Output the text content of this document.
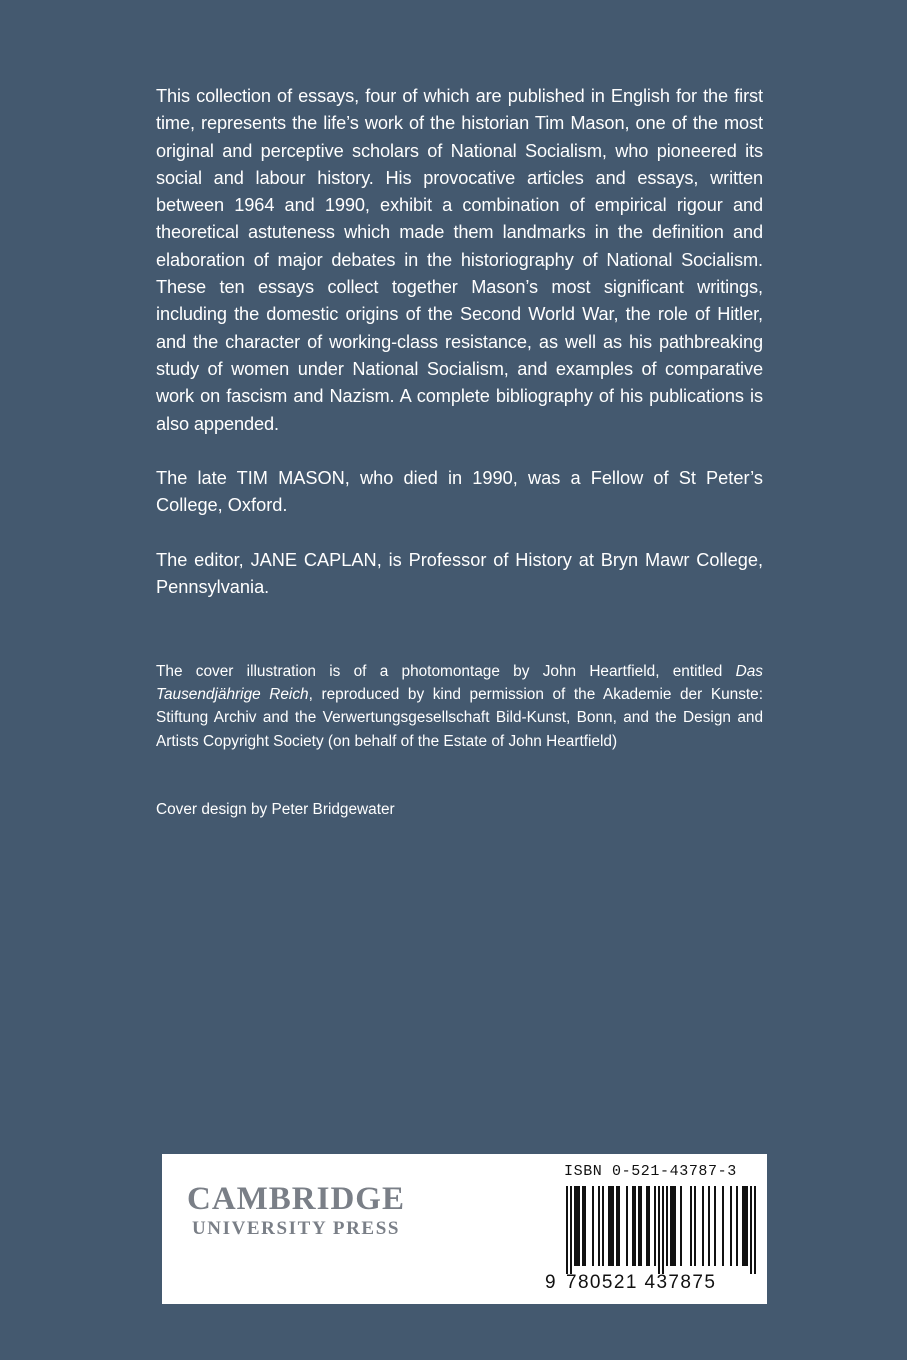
This collection of essays, four of which are published in English for the first time, represents the life’s work of the historian Tim Mason, one of the most original and perceptive scholars of National Socialism, who pioneered its social and labour history. His provocative articles and essays, written between 1964 and 1990, exhibit a combination of empirical rigour and theoretical astuteness which made them landmarks in the definition and elaboration of major debates in the historiography of National Socialism. These ten essays collect together Mason’s most significant writings, including the domestic origins of the Second World War, the role of Hitler, and the character of working-class resistance, as well as his pathbreaking study of women under National Socialism, and examples of comparative work on fascism and Nazism. A complete bibliography of his publications is also appended.

The late TIM MASON, who died in 1990, was a Fellow of St Peter’s College, Oxford.

The editor, JANE CAPLAN, is Professor of History at Bryn Mawr College, Pennsylvania.

The cover illustration is of a photomontage by John Heartfield, entitled Das Tausendjährige Reich, reproduced by kind permission of the Akademie der Kunste: Stiftung Archiv and the Verwertungsgesellschaft Bild-Kunst, Bonn, and the Design and Artists Copyright Society (on behalf of the Estate of John Heartfield)

Cover design by Peter Bridgewater

CAMBRIDGE
UNIVERSITY PRESS
ISBN 0-521-43787-3
9 780521 437875
